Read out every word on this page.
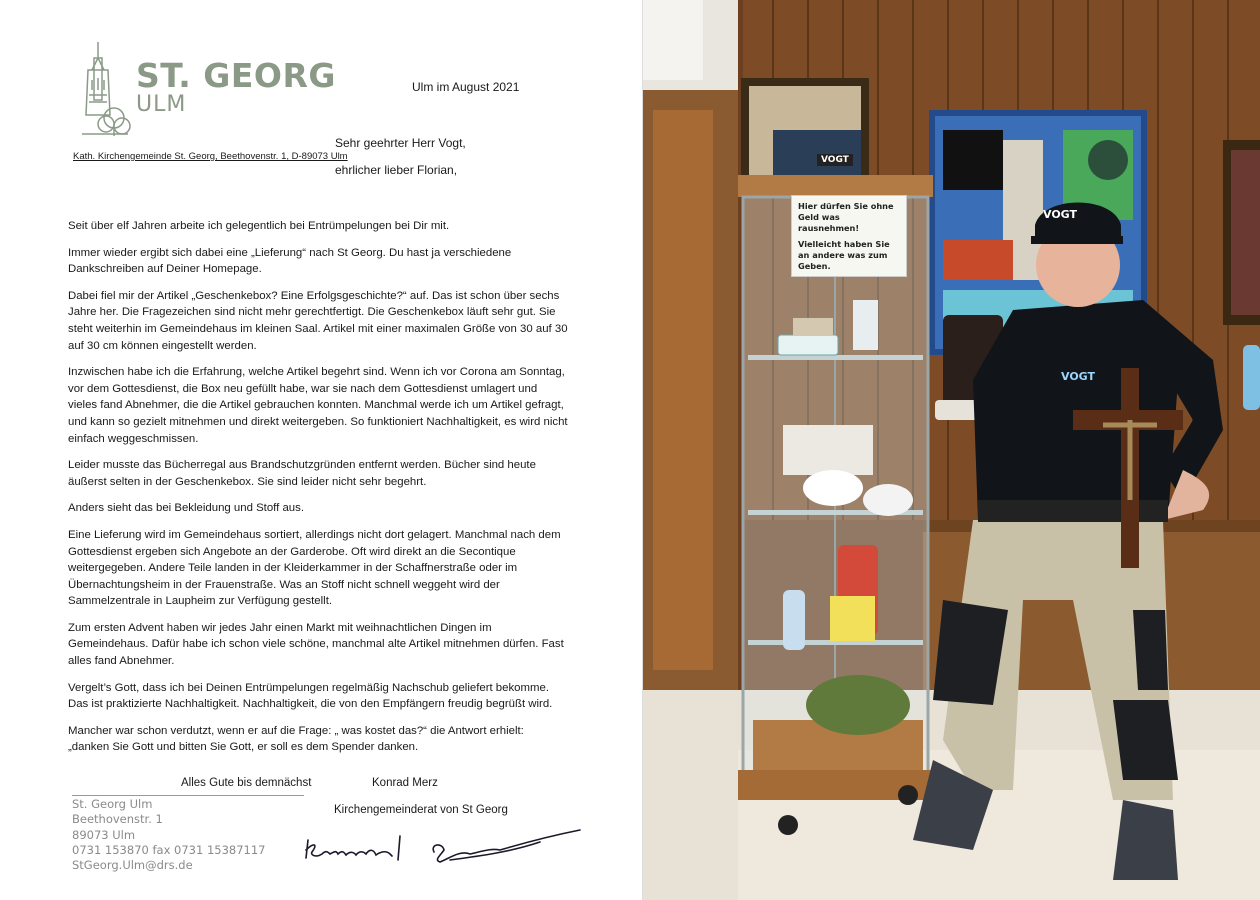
ST. GEORG
ULM
Ulm im August 2021
Sehr geehrter Herr Vogt,
Kath. Kirchengemeinde St. Georg, Beethovenstr. 1, D-89073 Ulm
ehrlicher lieber Florian,

Seit über elf Jahren arbeite ich gelegentlich bei Entrümpelungen bei Dir mit.

Immer wieder ergibt sich dabei eine „Lieferung“ nach St Georg. Du hast ja verschiedene Dankschreiben auf Deiner Homepage.

Dabei fiel mir der Artikel „Geschenkebox? Eine Erfolgsgeschichte?“ auf. Das ist schon über sechs Jahre her. Die Fragezeichen sind nicht mehr gerechtfertigt. Die Geschenkebox läuft sehr gut. Sie steht weiterhin im Gemeindehaus im kleinen Saal. Artikel mit einer maximalen Größe von 30 auf 30 auf 30 cm können eingestellt werden.

Inzwischen habe ich die Erfahrung, welche Artikel begehrt sind. Wenn ich vor Corona am Sonntag, vor dem Gottesdienst, die Box neu gefüllt habe, war sie nach dem Gottesdienst umlagert und vieles fand Abnehmer, die die Artikel gebrauchen konnten. Manchmal werde ich um Artikel gefragt, und kann so gezielt mitnehmen und direkt weitergeben. So funktioniert Nachhaltigkeit, es wird nicht einfach weggeschmissen.

Leider musste das Bücherregal aus Brandschutzgründen entfernt werden. Bücher sind heute äußerst selten in der Geschenkebox. Sie sind leider nicht sehr begehrt.

Anders sieht das bei Bekleidung und Stoff aus.

Eine Lieferung wird im Gemeindehaus sortiert, allerdings nicht dort gelagert. Manchmal nach dem Gottesdienst ergeben sich Angebote an der Garderobe. Oft wird direkt an die Secontique weitergegeben. Andere Teile landen in der Kleiderkammer in der Schaffnerstraße oder im Übernachtungsheim in der Frauenstraße. Was an Stoff nicht schnell weggeht wird der Sammelzentrale in Laupheim zur Verfügung gestellt.

Zum ersten Advent haben wir jedes Jahr einen Markt mit weihnachtlichen Dingen im Gemeindehaus. Dafür habe ich schon viele schöne, manchmal alte Artikel mitnehmen dürfen. Fast alles fand Abnehmer.

Vergelt’s Gott, dass ich bei Deinen Entrümpelungen regelmäßig Nachschub geliefert bekomme. Das ist praktizierte Nachhaltigkeit. Nachhaltigkeit, die von den Empfängern freudig begrüßt wird.

Mancher war schon verdutzt, wenn er auf die Frage: „ was kostet das?“ die Antwort erhielt: „danken Sie Gott und bitten Sie Gott, er soll es dem Spender danken.

Alles Gute bis demnächst	Konrad Merz
Kirchengemeinderat von St Georg
St. Georg Ulm
Beethovenstr. 1
89073 Ulm
0731 153870 fax 0731 15387117
StGeorg.Ulm@drs.de

Hier dürfen Sie ohne Geld was rausnehmen!

Vielleicht haben Sie an andere was zum Geben.

VOGT
VOGT
VOGT
